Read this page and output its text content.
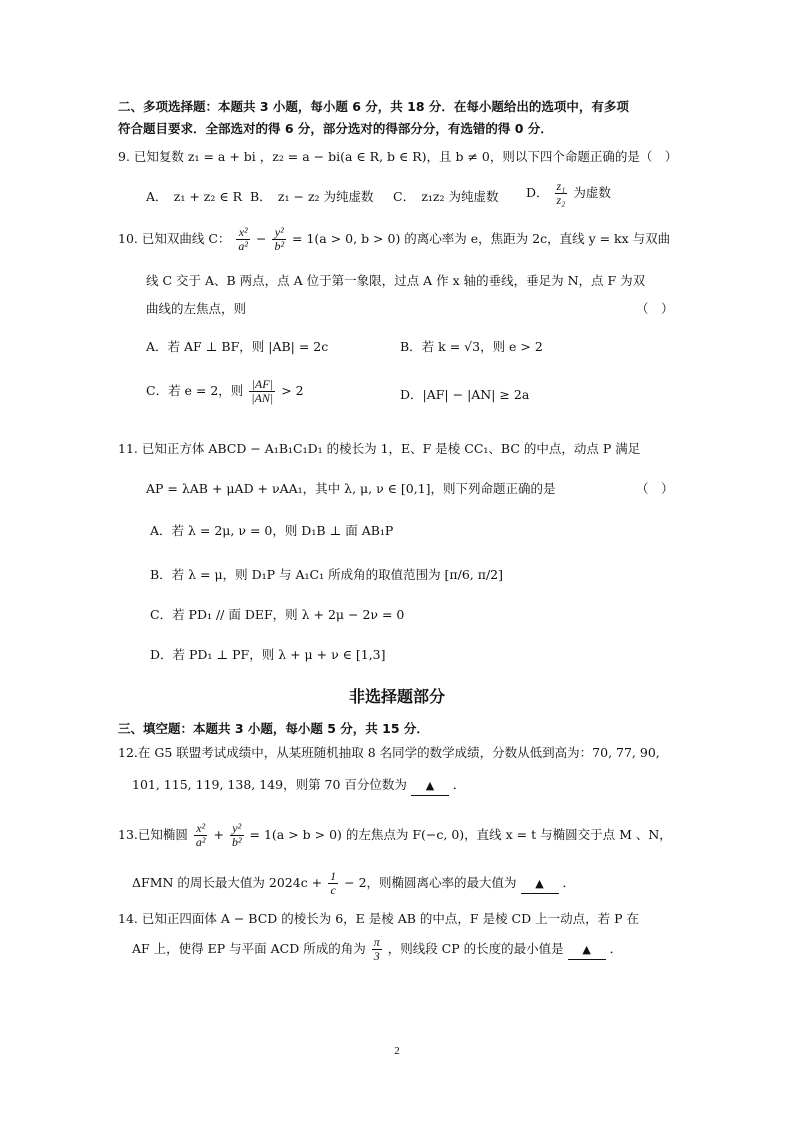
二、多项选择题：本题共 3 小题，每小题 6 分，共 18 分．在每小题给出的选项中，有多项
符合题目要求．全部选对的得 6 分，部分选对的得部分分，有选错的得 0 分．
9. 已知复数 z₁ = a + bi ，z₂ = a − bi(a ∈ R, b ∈ R)，且 b ≠ 0，则以下四个命题正确的是（　）
A．　z₁ + z₂ ∈ R B．　z₁ − z₂ 为纯虚数 C．　z₁z₂ 为纯虚数 D． $\frac{\text{z₁}}{\text{z₂}}$ 为虚数
10. 已知双曲线 C： $\frac{\text{x²}}{\text{a²}} - \frac{\text{y²}}{\text{b²}} = 1(a > 0$, b > 0) 的离心率为 e，焦距为 2c，直线 y = kx 与双曲
线 C 交于 A、B 两点，点 A 位于第一象限，过点 A 作 x 轴的垂线，垂足为 N，点 F 为双
曲线的左焦点，则	（　）
A．若 AF ⊥ BF，则 |AB| = 2c	B．若 k = √3，则 e > 2
C．若 e = 2，则 $\frac{|AF|}{|AN|} > 2$	D．|AF| − |AN| ≥ 2a
11. 已知正方体 ABCD − A₁B₁C₁D₁ 的棱长为 1，E、F 是棱 CC₁、BC 的中点，动点 P 满足
AP = λAB + μAD + νAA₁，其中 λ, μ, ν ∈ [0,1]，则下列命题正确的是	（　）
A．若 λ = 2μ, ν = 0，则 D₁B ⊥ 面 AB₁P
B．若 λ = μ，则 D₁P 与 A₁C₁ 所成角的取值范围为 [π/6, π/2]
C．若 PD₁ // 面 DEF，则 λ + 2μ − 2ν = 0
D．若 PD₁ ⊥ PF，则 λ + μ + ν ∈ [1,3]
非选择题部分
三、填空题：本题共 3 小题，每小题 5 分，共 15 分．
12.在 G5 联盟考试成绩中，从某班随机抽取 8 名同学的数学成绩，分数从低到高为：70, 77, 90,
101, 115, 119, 138, 149，则第 70 百分位数为 ▲ ．
13.已知椭圆 $\frac{\text{x²}}{\text{a²}} + \frac{\text{y²}}{\text{b²}} = 1(a > b > 0)$ 的左焦点为 F(−c, 0)，直线 x = t 与椭圆交于点 M 、N，
ΔFMN 的周长最大值为 $2024c + \frac{1}{c} - 2$，则椭圆离心率的最大值为 ▲ ．
14. 已知正四面体 A − BCD 的棱长为 6，E 是棱 AB 的中点，F 是棱 CD 上一动点，若 P 在
AF 上，使得 EP 与平面 ACD 所成的角为 $\frac{\pi}{3}$ ，则线段 CP 的长度的最小值是 ▲ ．
2
